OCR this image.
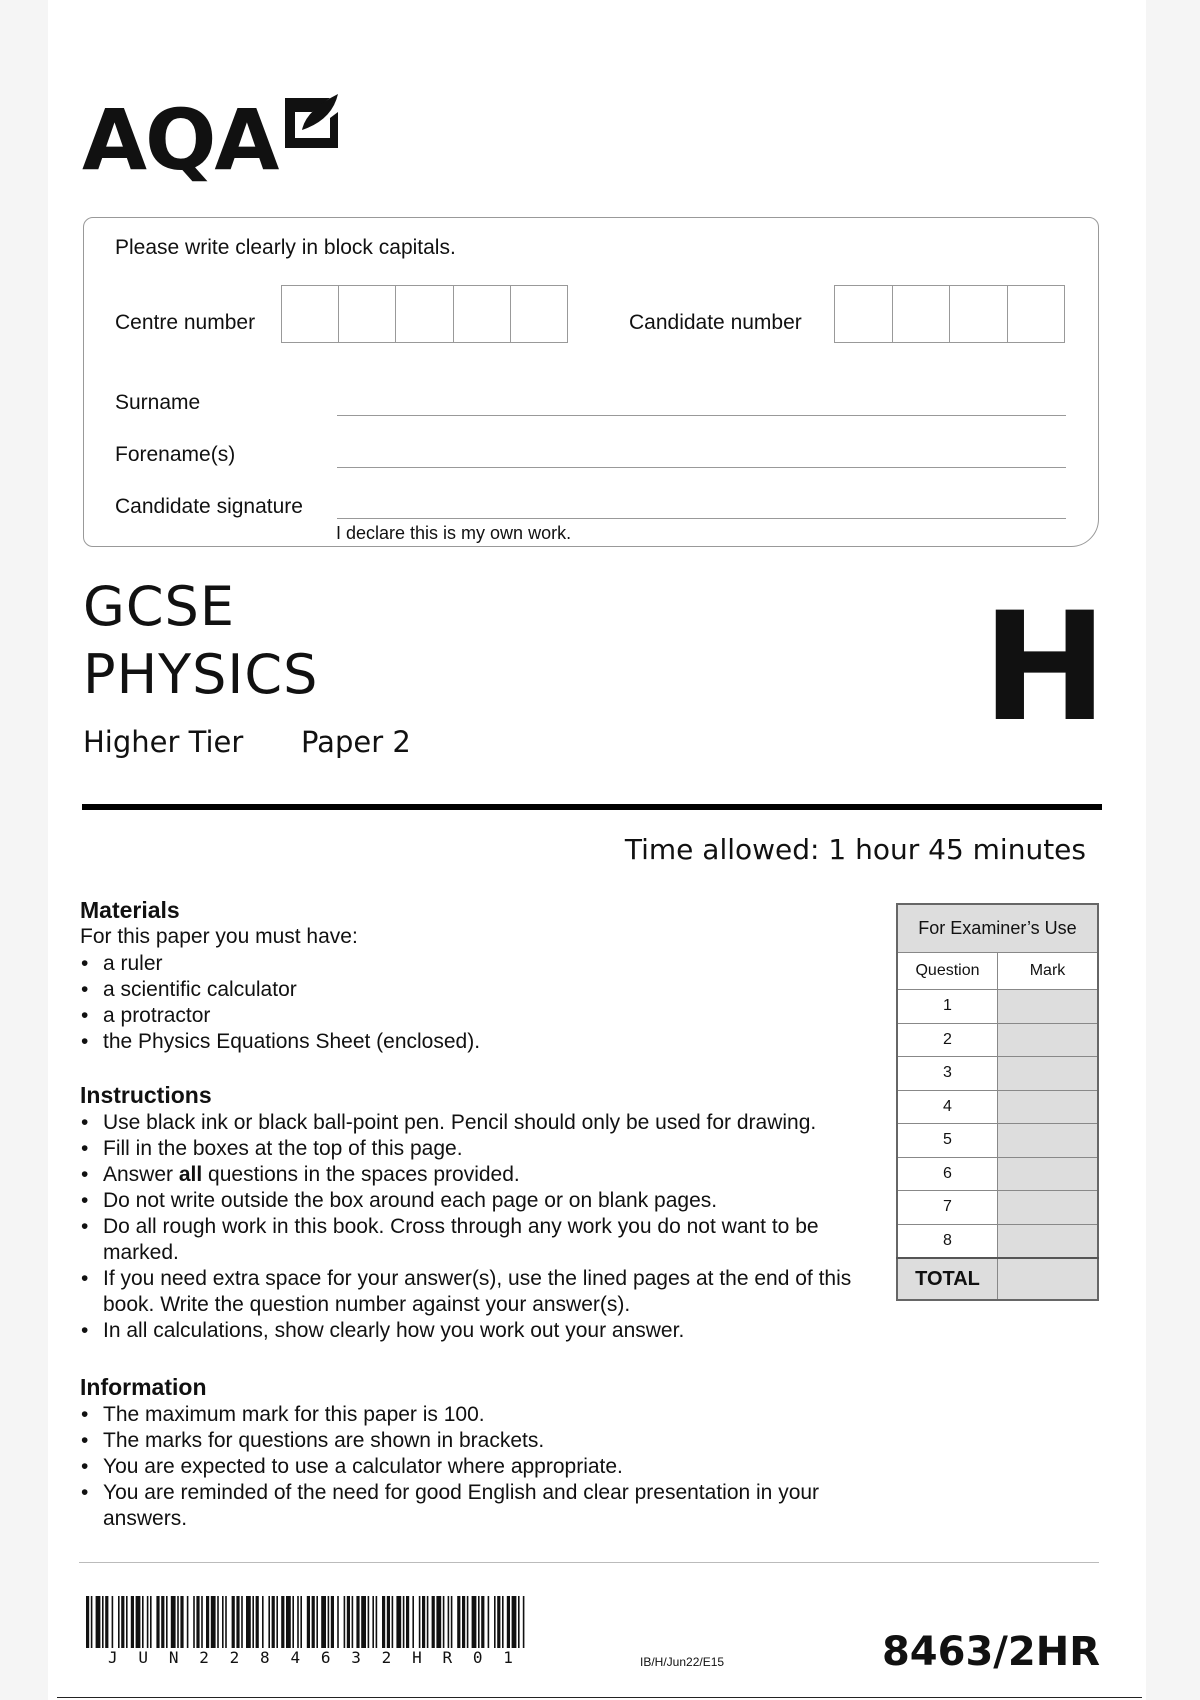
AQA
Please write clearly in block capitals.
Centre number	Candidate number
Surname
Forename(s)
Candidate signature
I declare this is my own work.
GCSE
PHYSICS
Higher Tier Paper 2	H
Time allowed: 1 hour 45 minutes
Materials
For this paper you must have:
• a ruler
• a scientific calculator
• a protractor
• the Physics Equations Sheet (enclosed).
Instructions
• Use black ink or black ball-point pen. Pencil should only be used for drawing.
• Fill in the boxes at the top of this page.
• Answer all questions in the spaces provided.
• Do not write outside the box around each page or on blank pages.
• Do all rough work in this book. Cross through any work you do not want to be marked.
• If you need extra space for your answer(s), use the lined pages at the end of this book. Write the question number against your answer(s).
• In all calculations, show clearly how you work out your answer.
Information
• The maximum mark for this paper is 100.
• The marks for questions are shown in brackets.
• You are expected to use a calculator where appropriate.
• You are reminded of the need for good English and clear presentation in your answers.
For Examiner’s Use	
Question	Mark
1	
2	
3	
4	
5	
6	
7	
8	
TOTAL	
J U N 2 2 8 4 6 3 2 H R 0 1	IB/H/Jun22/E15	8463/2HR
